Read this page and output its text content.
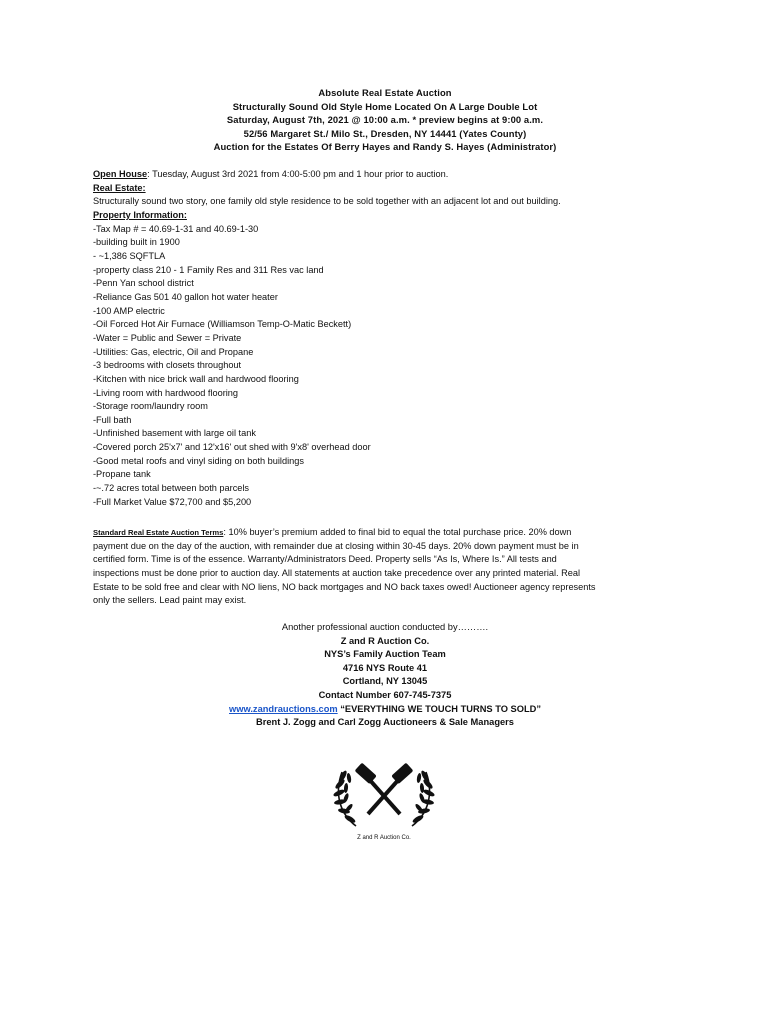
Absolute Real Estate Auction
Structurally Sound Old Style Home Located On A Large Double Lot
Saturday, August 7th, 2021 @ 10:00 a.m. * preview begins at 9:00 a.m.
52/56 Margaret St./ Milo St., Dresden, NY 14441 (Yates County)
Auction for the Estates Of Berry Hayes and Randy S. Hayes (Administrator)
Open House: Tuesday, August 3rd 2021 from 4:00-5:00 pm and 1 hour prior to auction.
Real Estate:
Structurally sound two story, one family old style residence to be sold together with an adjacent lot and out building.
Property Information:
-Tax Map # = 40.69-1-31 and 40.69-1-30
-building built in 1900
- ~1,386 SQFTLA
-property class 210 - 1 Family Res and 311 Res vac land
-Penn Yan school district
-Reliance Gas 501 40 gallon hot water heater
-100 AMP electric
-Oil Forced Hot Air Furnace (Williamson Temp-O-Matic Beckett)
-Water = Public and Sewer = Private
-Utilities: Gas, electric, Oil and Propane
-3 bedrooms with closets throughout
-Kitchen with nice brick wall and hardwood flooring
-Living room with hardwood flooring
-Storage room/laundry room
-Full bath
-Unfinished basement with large oil tank
-Covered porch 25'x7' and 12'x16' out shed with 9'x8' overhead door
-Good metal roofs and vinyl siding on both buildings
-Propane tank
-~.72 acres total between both parcels
-Full Market Value $72,700 and $5,200
Standard Real Estate Auction Terms: 10% buyer’s premium added to final bid to equal the total purchase price. 20% down
payment due on the day of the auction, with remainder due at closing within 30-45 days. 20% down payment must be in
certified form. Time is of the essence. Warranty/Administrators Deed. Property sells “As Is, Where Is.” All tests and
inspections must be done prior to auction day. All statements at auction take precedence over any printed material. Real
Estate to be sold free and clear with NO liens, NO back mortgages and NO back taxes owed! Auctioneer agency represents
only the sellers. Lead paint may exist.
Another professional auction conducted by……….
Z and R Auction Co.
NYS’s Family Auction Team
4716 NYS Route 41
Cortland, NY 13045
Contact Number 607-745-7375
www.zandrauctions.com “EVERYTHING WE TOUCH TURNS TO SOLD”
Brent J. Zogg and Carl Zogg Auctioneers & Sale Managers
Z and R Auction Co.
